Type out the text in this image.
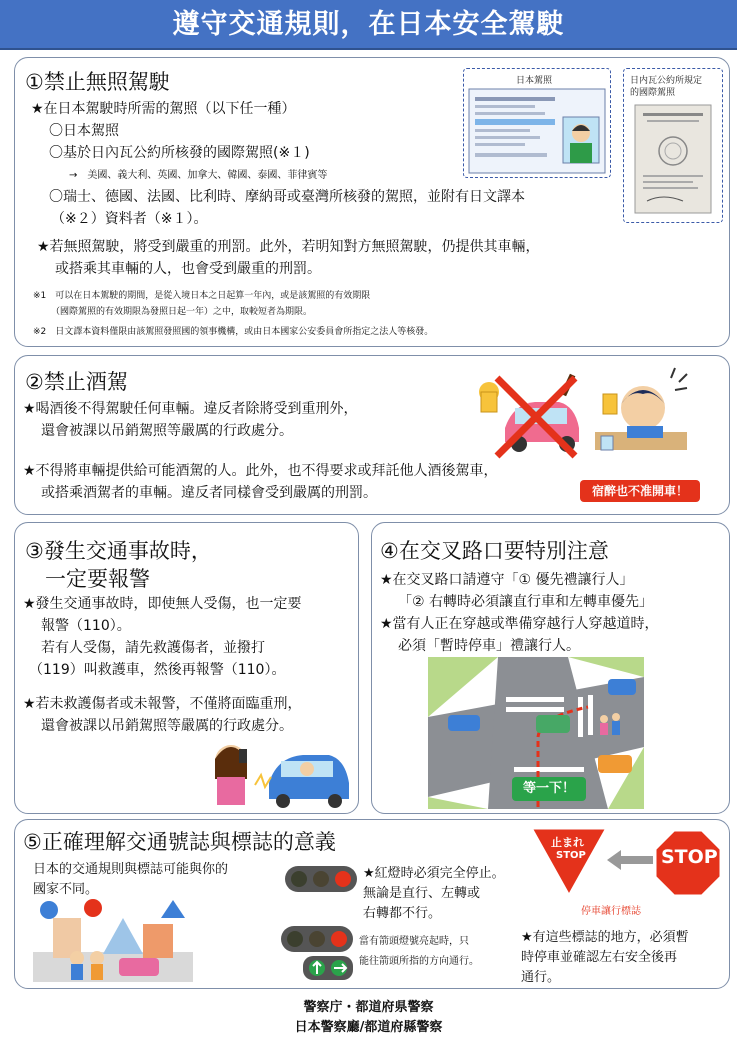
遵守交通規則，在日本安全駕駛
①禁止無照駕駛
★在日本駕駛時所需的駕照（以下任一種）
〇日本駕照
〇基於日內瓦公約所核發的國際駕照(※１)
→　美國、義大利、英國、加拿大、韓國、泰國、菲律賓等
〇瑞士、德國、法國、比利時、摩納哥或臺灣所核發的駕照，並附有日文譯本
（※２）資料者（※１）。
★若無照駕駛，將受到嚴重的刑罰。此外，若明知對方無照駕駛，仍提供其車輛，
或搭乘其車輛的人，也會受到嚴重的刑罰。
※1　可以在日本駕駛的期間，是從入境日本之日起算一年內，或是該駕照的有效期限
（國際駕照的有效期限為發照日起一年）之中，取較短者為期限。
※2　日文譯本資料僅限由該駕照發照國的領事機構，或由日本國家公安委員會所指定之法人等核發。
日本駕照	日内瓦公約所規定
的國際駕照
②禁止酒駕
★喝酒後不得駕駛任何車輛。違反者除將受到重刑外，
還會被課以吊銷駕照等嚴厲的行政處分。
★不得將車輛提供給可能酒駕的人。此外，也不得要求或拜託他人酒後駕車，
或搭乘酒駕者的車輛。違反者同樣會受到嚴厲的刑罰。	宿醉也不准開車！
③發生交通事故時，
一定要報警
★發生交通事故時，即使無人受傷，也一定要
報警（110）。
若有人受傷，請先救護傷者，並撥打
（119）叫救護車，然後再報警（110）。
★若未救護傷者或未報警，不僅將面臨重刑，
還會被課以吊銷駕照等嚴厲的行政處分。
④在交叉路口要特別注意
★在交叉路口請遵守「① 優先禮讓行人」
「② 右轉時必須讓直行車和左轉車優先」
★當有人正在穿越或準備穿越行人穿越道時，
必須「暫時停車」禮讓行人。
等一下！
⑤正確理解交通號誌與標誌的意義
日本的交通規則與標誌可能與你的
國家不同。
★紅燈時必須完全停止。
無論是直行、左轉或
右轉都不行。
當有箭頭燈號亮起時，只
能往箭頭所指的方向通行。
止まれ
STOP	STOP
停車讓行標誌
★有這些標誌的地方，必須暫
時停車並確認左右安全後再
通行。
警察庁・都道府県警察
日本警察廳/都道府縣警察
